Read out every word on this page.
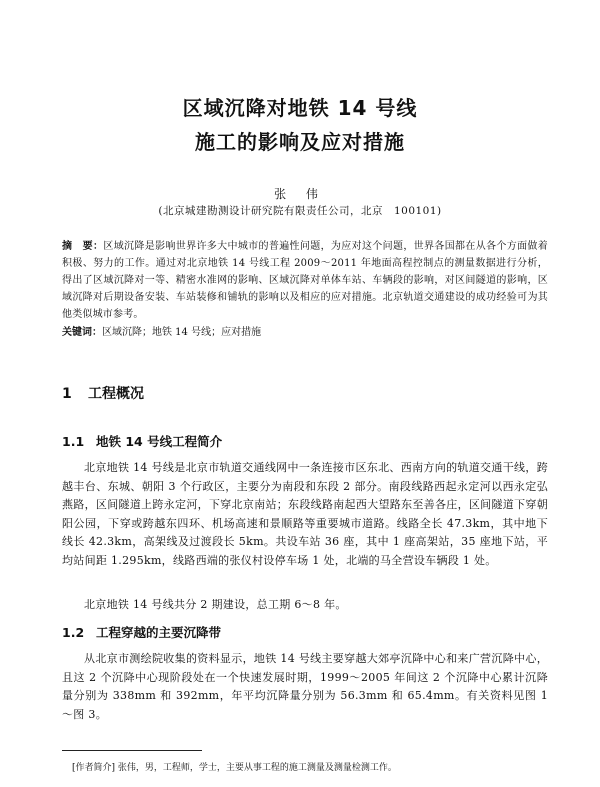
区域沉降对地铁 14 号线
施工的影响及应对措施
张 伟
(北京城建勘测设计研究院有限责任公司，北京　100101)

摘　要：区域沉降是影响世界许多大中城市的普遍性问题，为应对这个问题，世界各国都在从各个方面做着积极、努力的工作。通过对北京地铁 14 号线工程 2009～2011 年地面高程控制点的测量数据进行分析，得出了区域沉降对一等、精密水准网的影响、区域沉降对单体车站、车辆段的影响，对区间隧道的影响，区域沉降对后期设备安装、车站装修和铺轨的影响以及相应的应对措施。北京轨道交通建设的成功经验可为其他类似城市参考。

关键词：区域沉降；地铁 14 号线；应对措施

1 工程概况
1.1 地铁 14 号线工程简介

北京地铁 14 号线是北京市轨道交通线网中一条连接市区东北、西南方向的轨道交通干线，跨越丰台、东城、朝阳 3 个行政区，主要分为南段和东段 2 部分。南段线路西起永定河以西永定弘燕路，区间隧道上跨永定河，下穿北京南站；东段线路南起西大望路东至善各庄，区间隧道下穿朝阳公园，下穿或跨越东四环、机场高速和景顺路等重要城市道路。线路全长 47.3km，其中地下线长 42.3km，高架线及过渡段长 5km。共设车站 36 座，其中 1 座高架站，35 座地下站，平均站间距 1.295km，线路西端的张仪村设停车场 1 处，北端的马全营设车辆段 1 处。

北京地铁 14 号线共分 2 期建设，总工期 6～8 年。

1.2 工程穿越的主要沉降带

从北京市测绘院收集的资料显示，地铁 14 号线主要穿越大郊亭沉降中心和来广营沉降中心，且这 2 个沉降中心现阶段处在一个快速发展时期，1999～2005 年间这 2 个沉降中心累计沉降量分别为 338mm 和 392mm，年平均沉降量分别为 56.3mm 和 65.4mm。有关资料见图 1～图 3。

[作者简介] 张伟，男，工程师，学士，主要从事工程的施工测量及测量检测工作。
